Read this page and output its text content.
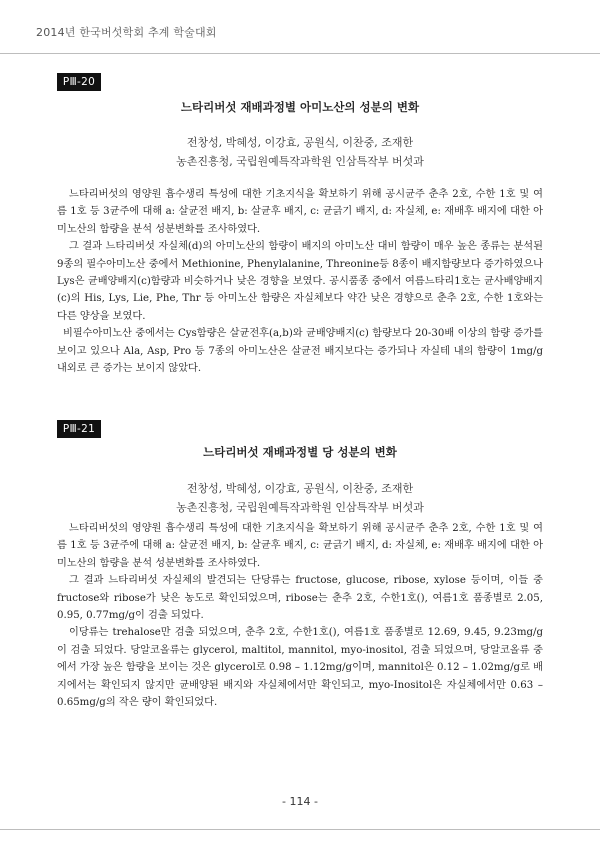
2014년 한국버섯학회 추계 학술대회
PⅢ-20
느타리버섯 재배과정별 아미노산의 성분의 변화
전창성, 박혜성, 이강효, 공원식, 이찬중, 조재한
농촌진흥청, 국립원예특작과학원 인삼특작부 버섯과

느타리버섯의 영양원 흡수생리 특성에 대한 기초지식을 확보하기 위해 공시균주 춘추 2호, 수한 1호 및 여름 1호 등 3균주에 대해 a: 살균전 배지, b: 살균후 배지, c: 균긁기 배지, d: 자실체, e: 재배후 배지에 대한 아미노산의 함량을 분석 성분변화를 조사하였다.

그 결과 느타리버섯 자실체(d)의 아미노산의 함량이 배지의 아미노산 대비 함량이 매우 높은 종류는 분석된 9종의 필수아미노산 중에서 Methionine, Phenylalanine, Threonine등 8종이 배지함량보다 증가하였으나 Lys은 균배양배지(c)함량과 비슷하거나 낮은 경향을 보였다. 공시품종 중에서 여름느타리1호는 균사배양배지(c)의 His, Lys, Lie, Phe, Thr 등 아미노산 함량은 자실체보다 약간 낮은 경향으로 춘추 2호, 수한 1호와는 다른 양상을 보였다.

비필수아미노산 중에서는 Cys함량은 살균전후(a,b)와 균배양배지(c) 함량보다 20-30배 이상의 함량 증가를 보이고 있으나 Ala, Asp, Pro 등 7종의 아미노산은 살균전 배지보다는 증가되나 자실테 내의 함량이 1mg/g 내외로 큰 증가는 보이지 않았다.

PⅢ-21
느타리버섯 재배과정별 당 성분의 변화
전창성, 박혜성, 이강효, 공원식, 이찬중, 조재한
농촌진흥청, 국립원예특작과학원 인삼특작부 버섯과

느타리버섯의 영양원 흡수생리 특성에 대한 기초지식을 확보하기 위해 공시균주 춘추 2호, 수한 1호 및 여름 1호 등 3균주에 대해 a: 살균전 배지, b: 살균후 배지, c: 균긁기 배지, d: 자실체, e: 재배후 배지에 대한 아미노산의 함량을 분석 성분변화를 조사하였다.

그 결과 느타리버섯 자실체의 발견되는 단당류는 fructose, glucose, ribose, xylose 등이며, 이들 중 fructose와 ribose가 낮은 농도로 확인되었으며, ribose는 춘추 2호, 수한1호(), 여름1호 품종별로 2.05, 0.95, 0.77mg/g이 검출 되었다.

이당류는 trehalose만 검출 되었으며, 춘추 2호, 수한1호(), 여름1호 품종별로 12.69, 9.45, 9.23mg/g이 검출 되었다. 당알코올류는 glycerol, maltitol, mannitol, myo-inositol, 검출 되었으며, 당알코올류 중에서 가장 높은 함량을 보이는 것은 glycerol로 0.98 – 1.12mg/g이며, mannitol은 0.12 – 1.02mg/g로 배지에서는 확인되지 않지만 균배양된 배지와 자실체에서만 확인되고, myo-Inositol은 자실체에서만 0.63 – 0.65mg/g의 작은 량이 확인되었다.

- 114 -
